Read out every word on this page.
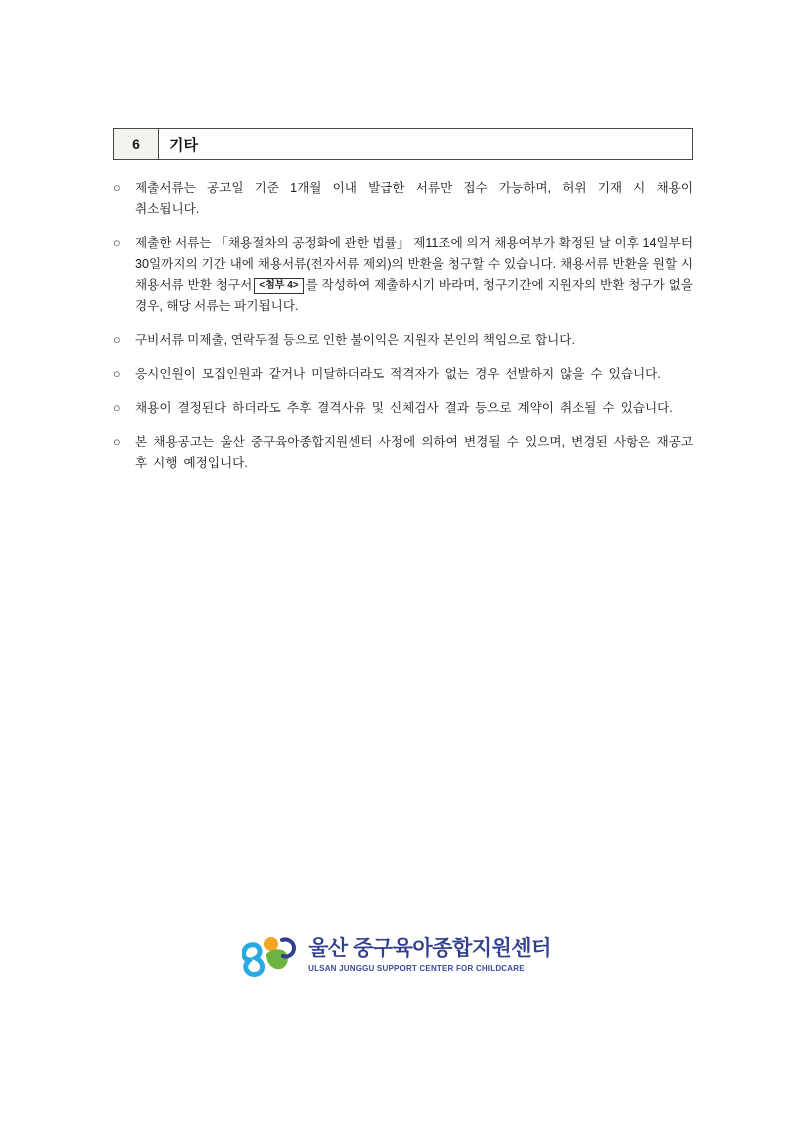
6	기타
○	제출서류는 공고일 기준 1개월 이내 발급한 서류만 접수 가능하며, 허위 기재 시 채용이 취소됩니다.
○	제출한 서류는 「채용절차의 공정화에 관한 법률」 제11조에 의거 채용여부가 확정된 날 이후 14일부터 30일까지의 기간 내에 채용서류(전자서류 제외)의 반환을 청구할 수 있습니다. 채용서류 반환을 원할 시 채용서류 반환 청구서 <첨부 4> 를 작성하여 제출하시기 바라며, 청구기간에 지원자의 반환 청구가 없을 경우, 해당 서류는 파기됩니다.
○	구비서류 미제출, 연락두절 등으로 인한 불이익은 지원자 본인의 책임으로 합니다.
○	응시인원이 모집인원과 같거나 미달하더라도 적격자가 없는 경우 선발하지 않을 수 있습니다.
○	채용이 결정된다 하더라도 추후 결격사유 및 신체검사 결과 등으로 계약이 취소될 수 있습니다.
○	본 채용공고는 울산 중구육아종합지원센터 사정에 의하여 변경될 수 있으며, 변경된 사항은 재공고 후 시행 예정입니다.
울산 중구육아종합지원센터
ULSAN JUNGGU SUPPORT CENTER FOR CHILDCARE
